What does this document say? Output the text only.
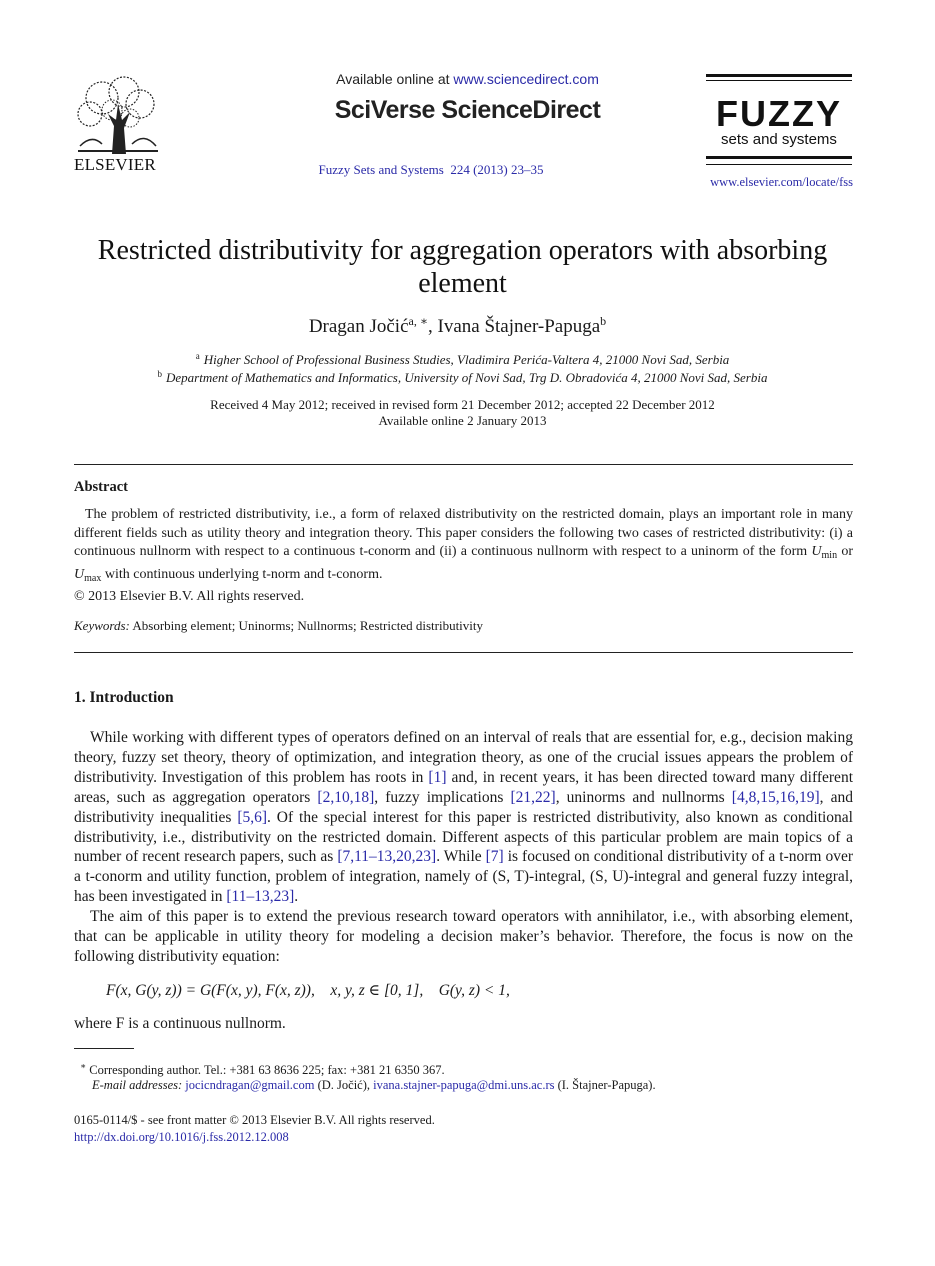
ELSEVIER
Available online at www.sciencedirect.com
SciVerse ScienceDirect
Fuzzy Sets and Systems 224 (2013) 23–35
FUZZY
sets and systems
www.elsevier.com/locate/fss
Restricted distributivity for aggregation operators with absorbing element
Dragan Jočić$^{a, ∗}$, Ivana Štajner-Papuga$^b$
$^a$ Higher School of Professional Business Studies, Vladimira Perića-Valtera 4, 21000 Novi Sad, Serbia
$^b$ Department of Mathematics and Informatics, University of Novi Sad, Trg D. Obradovića 4, 21000 Novi Sad, Serbia
Received 4 May 2012; received in revised form 21 December 2012; accepted 22 December 2012
Available online 2 January 2013
Abstract

The problem of restricted distributivity, i.e., a form of relaxed distributivity on the restricted domain, plays an important role in many different fields such as utility theory and integration theory. This paper considers the following two cases of restricted distributivity: (i) a continuous nullnorm with respect to a continuous t-conorm and (ii) a continuous nullnorm with respect to a uninorm of the form $U_{min}$ or $U_{max}$ with continuous underlying t-norm and t-conorm.

© 2013 Elsevier B.V. All rights reserved.

Keywords: Absorbing element; Uninorms; Nullnorms; Restricted distributivity
1. Introduction

While working with different types of operators defined on an interval of reals that are essential for, e.g., decision making theory, fuzzy set theory, theory of optimization, and integration theory, as one of the crucial issues appears the problem of distributivity. Investigation of this problem has roots in [1] and, in recent years, it has been directed toward many different areas, such as aggregation operators [2,10,18], fuzzy implications [21,22], uninorms and nullnorms [4,8,15,16,19], and distributivity inequalities [5,6]. Of the special interest for this paper is restricted distributivity, also known as conditional distributivity, i.e., distributivity on the restricted domain. Different aspects of this particular problem are main topics of a number of recent research papers, such as [7,11–13,20,23]. While [7] is focused on conditional distributivity of a t-norm over a t-conorm and utility function, problem of integration, namely of (S, T)-integral, (S, U)-integral and general fuzzy integral, has been investigated in [11–13,23].

The aim of this paper is to extend the previous research toward operators with annihilator, i.e., with absorbing element, that can be applicable in utility theory for modeling a decision maker’s behavior. Therefore, the focus is now on the following distributivity equation:

F(x, G(y, z)) = G(F(x, y), F(x, z)),    x, y, z ∈ [0, 1],    G(y, z) < 1,
where F is a continuous nullnorm.
∗ Corresponding author. Tel.: +381 63 8636 225; fax: +381 21 6350 367.
E-mail addresses: jocicndragan@gmail.com (D. Jočić), ivana.stajner-papuga@dmi.uns.ac.rs (I. Štajner-Papuga).
0165-0114/$ - see front matter © 2013 Elsevier B.V. All rights reserved.
http://dx.doi.org/10.1016/j.fss.2012.12.008
